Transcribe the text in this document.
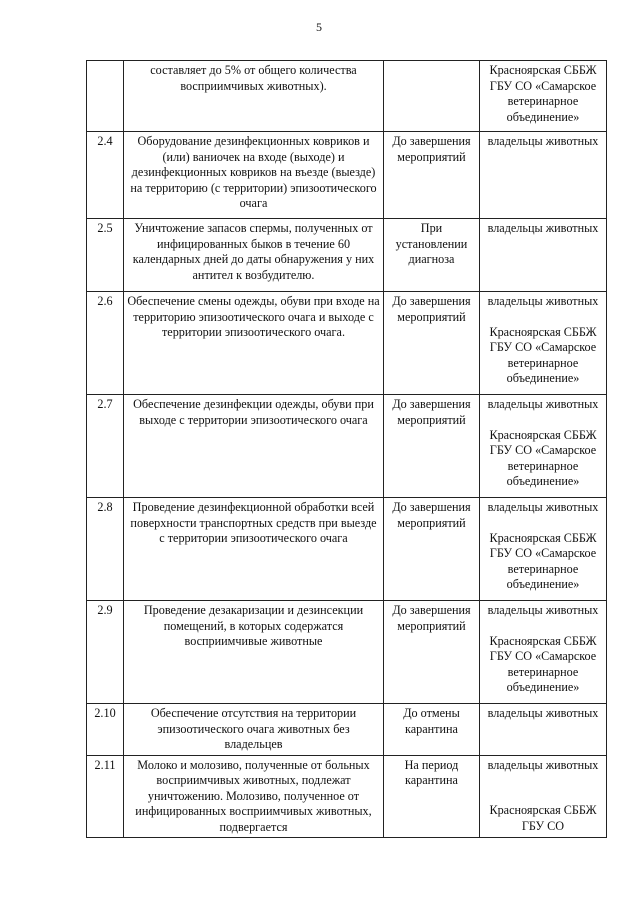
5
	составляет до 5% от общего количества восприимчивых животных).		Красноярская СББЖ ГБУ СО «Самарское ветеринарное объединение»

2.4	Оборудование дезинфекционных ковриков и (или) ваниочек на входе (выходе) и дезинфекционных ковриков на въезде (выезде) на территорию (с территории) эпизоотического очага	До завершения мероприятий	владельцы животных

2.5	Уничтожение запасов спермы, полученных от инфицированных быков в течение 60 календарных дней до даты обнаружения у них антител к возбудителю.	При установлении диагноза	владельцы животных

2.6	Обеспечение смены одежды, обуви при входе на территорию эпизоотического очага и выходе с территории эпизоотического очага.	До завершения мероприятий	владельцы животных
Красноярская СББЖ ГБУ СО «Самарское ветеринарное объединение»

2.7	Обеспечение дезинфекции одежды, обуви при выходе с территории эпизоотического очага	До завершения мероприятий	владельцы животных
Красноярская СББЖ ГБУ СО «Самарское ветеринарное объединение»

2.8	Проведение дезинфекционной обработки всей поверхности транспортных средств при выезде с территории эпизоотического очага	До завершения мероприятий	владельцы животных
Красноярская СББЖ ГБУ СО «Самарское ветеринарное объединение»

2.9	Проведение дезакаризации и дезинсекции помещений, в которых содержатся восприимчивые животные	До завершения мероприятий	владельцы животных
Красноярская СББЖ ГБУ СО «Самарское ветеринарное объединение»

2.10	Обеспечение отсутствия на территории эпизоотического очага животных без владельцев	До отмены карантина	владельцы животных

2.11	Молоко и молозиво, полученные от больных восприимчивых животных, подлежат уничтожению. Молозиво, полученное от инфицированных восприимчивых животных, подвергается	На период карантина	владельцы животных
Красноярская СББЖ ГБУ СО
